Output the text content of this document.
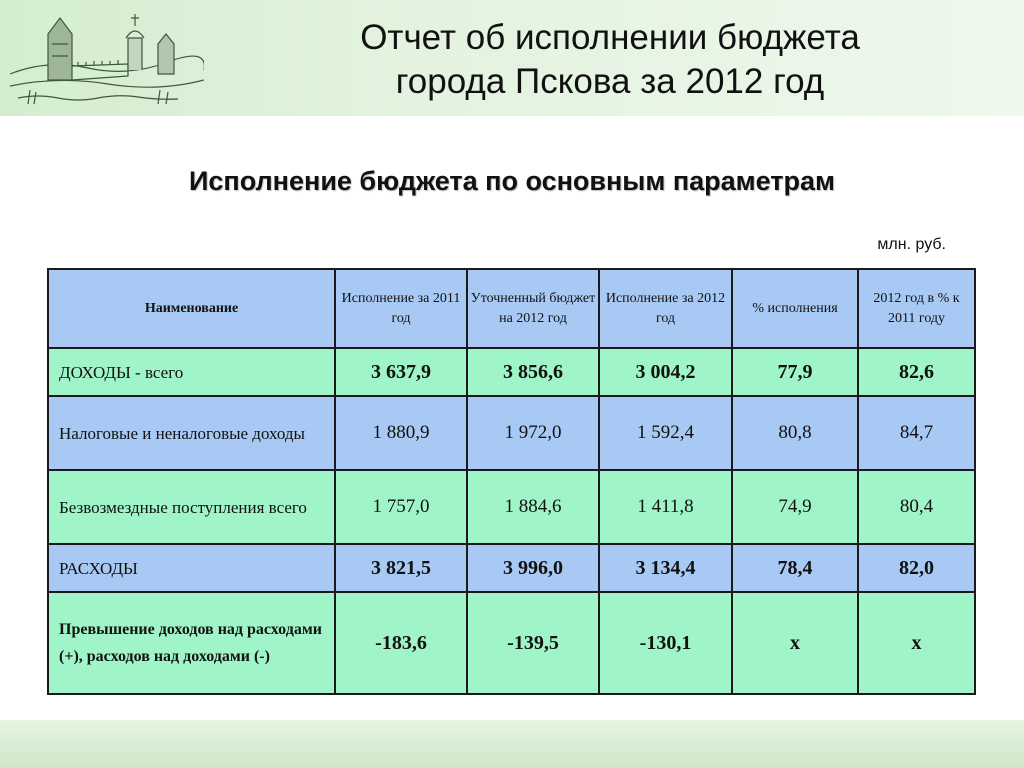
Отчет об исполнении бюджета
города Пскова за 2012 год
Исполнение бюджета по основным параметрам
млн. руб.
Наименование	Исполнение за 2011 год	Уточненный бюджет на 2012 год	Исполнение за 2012 год	% исполнения	2012 год в % к 2011 году
ДОХОДЫ - всего	3 637,9	3 856,6	3 004,2	77,9	82,6
Налоговые и неналоговые доходы	1 880,9	1 972,0	1 592,4	80,8	84,7
Безвозмездные поступления всего	1 757,0	1 884,6	1 411,8	74,9	80,4
РАСХОДЫ	3 821,5	3 996,0	3 134,4	78,4	82,0
Превышение доходов над расходами (+), расходов над доходами (-)	-183,6	-139,5	-130,1	х	х
